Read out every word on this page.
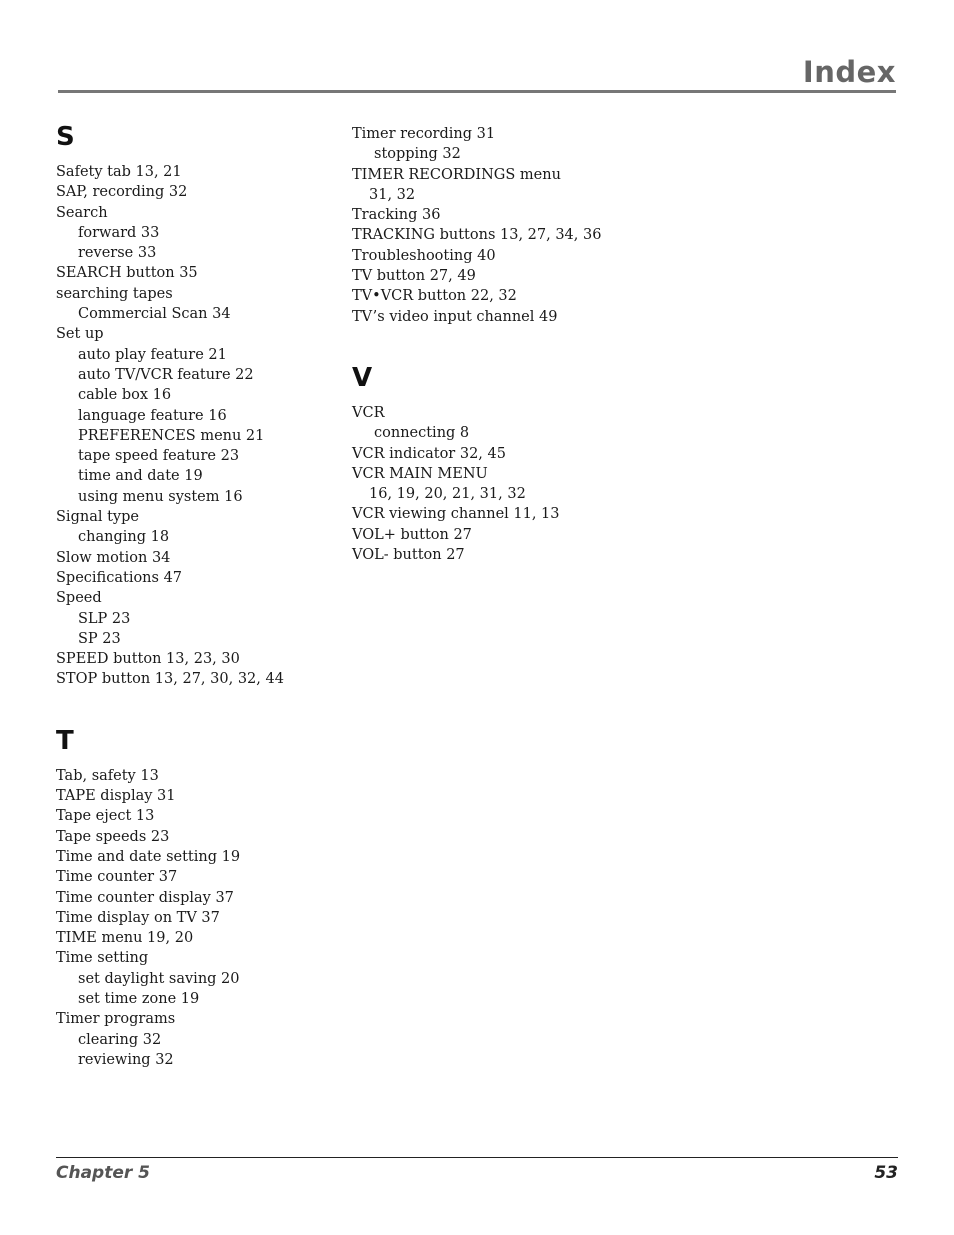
Index
S
Safety tab 13, 21
SAP, recording 32
Search
forward 33
reverse 33
SEARCH button 35
searching tapes
Commercial Scan 34
Set up
auto play feature 21
auto TV/VCR feature 22
cable box 16
language feature 16
PREFERENCES menu 21
tape speed feature 23
time and date 19
using menu system 16
Signal type
changing 18
Slow motion 34
Specifications 47
Speed
SLP 23
SP 23
SPEED button 13, 23, 30
STOP button 13, 27, 30, 32, 44
T
Tab, safety 13
TAPE display 31
Tape eject 13
Tape speeds 23
Time and date setting 19
Time counter 37
Time counter display 37
Time display on TV 37
TIME menu 19, 20
Time setting
set daylight saving 20
set time zone 19
Timer programs
clearing 32
reviewing 32
Timer recording 31
stopping 32
TIMER RECORDINGS menu
31, 32
Tracking 36
TRACKING buttons 13, 27, 34, 36
Troubleshooting 40
TV button 27, 49
TV•VCR button 22, 32
TV’s video input channel 49
V
VCR
connecting 8
VCR indicator 32, 45
VCR MAIN MENU
16, 19, 20, 21, 31, 32
VCR viewing channel 11, 13
VOL+ button 27
VOL- button 27
Chapter 5	53
